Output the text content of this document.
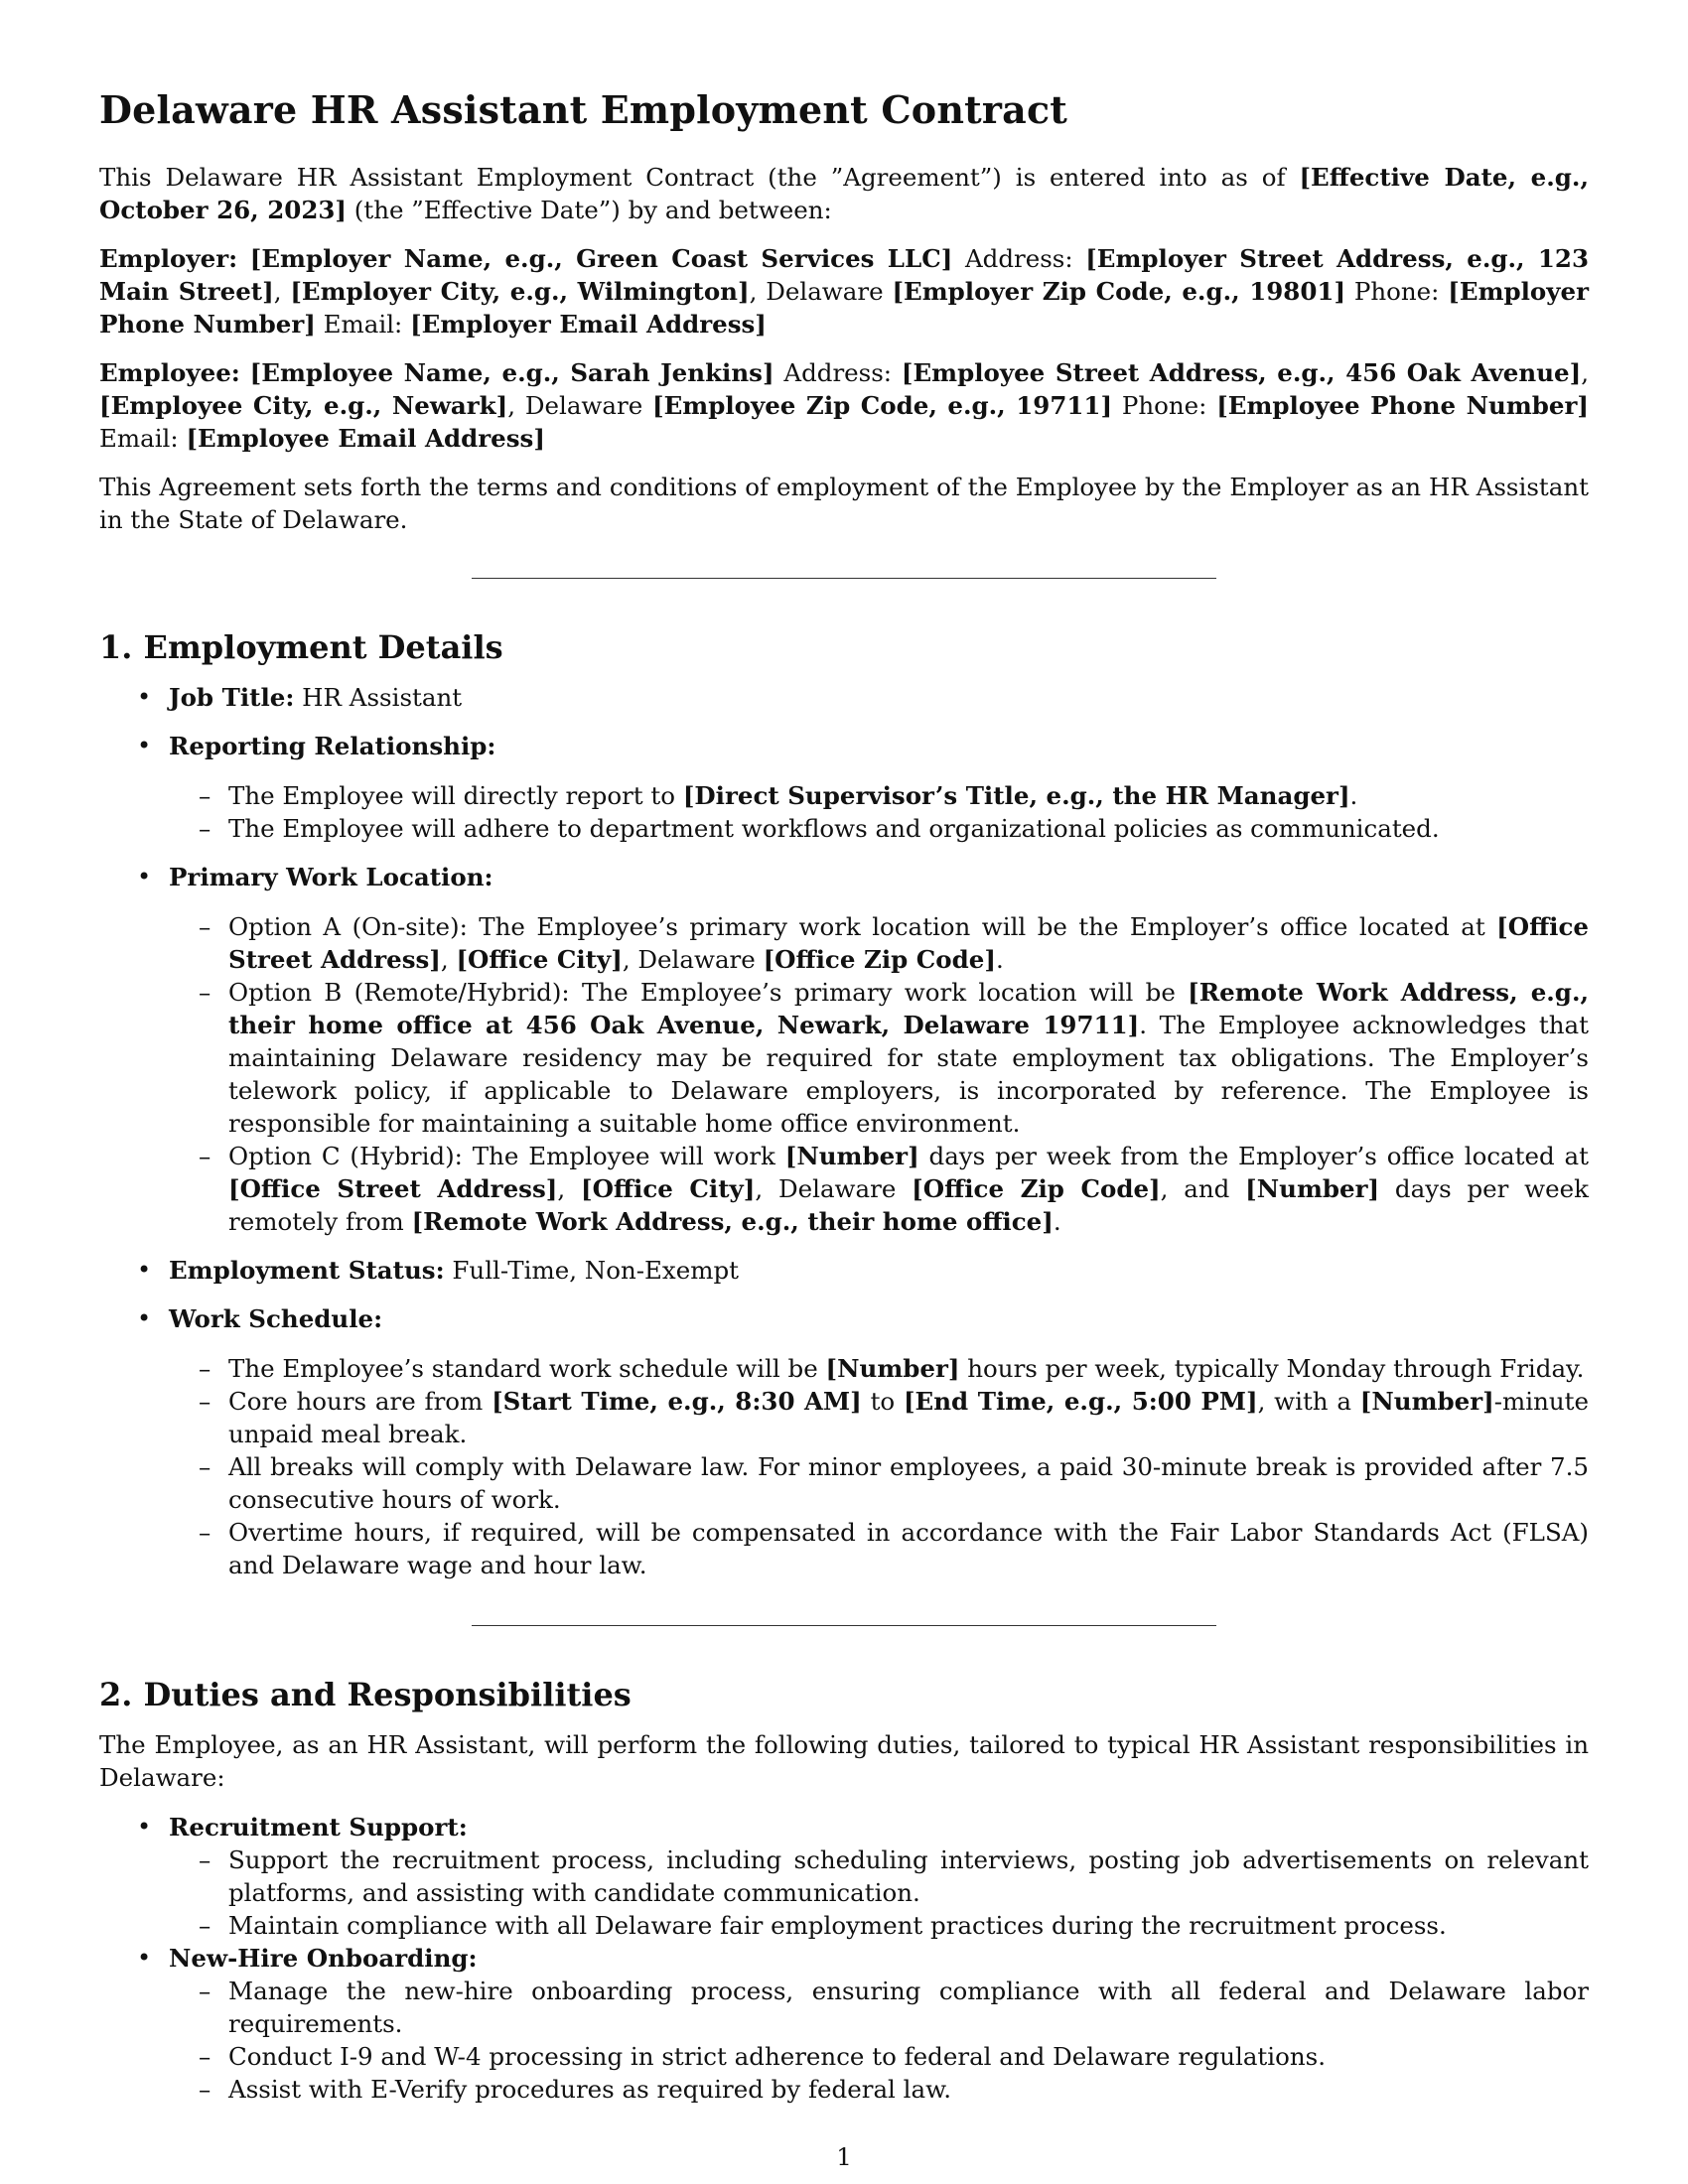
Delaware HR Assistant Employment Contract

This Delaware HR Assistant Employment Contract (the ”Agreement”) is entered into as of [Effective Date, e.g., October 26, 2023] (the ”Effective Date”) by and between:

Employer: [Employer Name, e.g., Green Coast Services LLC] Address: [Employer Street Address, e.g., 123 Main Street], [Employer City, e.g., Wilmington], Delaware [Employer Zip Code, e.g., 19801] Phone: [Employer Phone Number] Email: [Employer Email Address]

Employee: [Employee Name, e.g., Sarah Jenkins] Address: [Employee Street Address, e.g., 456 Oak Avenue], [Employee City, e.g., Newark], Delaware [Employee Zip Code, e.g., 19711] Phone: [Employee Phone Number] Email: [Employee Email Address]

This Agreement sets forth the terms and conditions of employment of the Employee by the Employer as an HR Assistant in the State of Delaware.

1. Employment Details
• Job Title: HR Assistant
• Reporting Relationship:
– The Employee will directly report to [Direct Supervisor’s Title, e.g., the HR Manager].
– The Employee will adhere to department workflows and organizational policies as communicated.
• Primary Work Location:
– Option A (On-site): The Employee’s primary work location will be the Employer’s office located at [Office Street Address], [Office City], Delaware [Office Zip Code].
– Option B (Remote/Hybrid): The Employee’s primary work location will be [Remote Work Address, e.g., their home office at 456 Oak Avenue, Newark, Delaware 19711]. The Employee acknowledges that maintaining Delaware residency may be required for state employment tax obligations. The Employer’s telework policy, if applicable to Delaware employers, is incorporated by reference. The Employee is responsible for maintaining a suitable home office environment.
– Option C (Hybrid): The Employee will work [Number] days per week from the Employer’s office located at [Office Street Address], [Office City], Delaware [Office Zip Code], and [Number] days per week remotely from [Remote Work Address, e.g., their home office].
• Employment Status: Full-Time, Non-Exempt
• Work Schedule:
– The Employee’s standard work schedule will be [Number] hours per week, typically Monday through Friday.
– Core hours are from [Start Time, e.g., 8:30 AM] to [End Time, e.g., 5:00 PM], with a [Number]-minute unpaid meal break.
– All breaks will comply with Delaware law. For minor employees, a paid 30-minute break is provided after 7.5 consecutive hours of work.
– Overtime hours, if required, will be compensated in accordance with the Fair Labor Standards Act (FLSA) and Delaware wage and hour law.
2. Duties and Responsibilities

The Employee, as an HR Assistant, will perform the following duties, tailored to typical HR Assistant responsibilities in Delaware:

• Recruitment Support:
– Support the recruitment process, including scheduling interviews, posting job advertisements on relevant platforms, and assisting with candidate communication.
– Maintain compliance with all Delaware fair employment practices during the recruitment process.
• New-Hire Onboarding:
– Manage the new-hire onboarding process, ensuring compliance with all federal and Delaware labor requirements.
– Conduct I-9 and W-4 processing in strict adherence to federal and Delaware regulations.
– Assist with E-Verify procedures as required by federal law.
1
